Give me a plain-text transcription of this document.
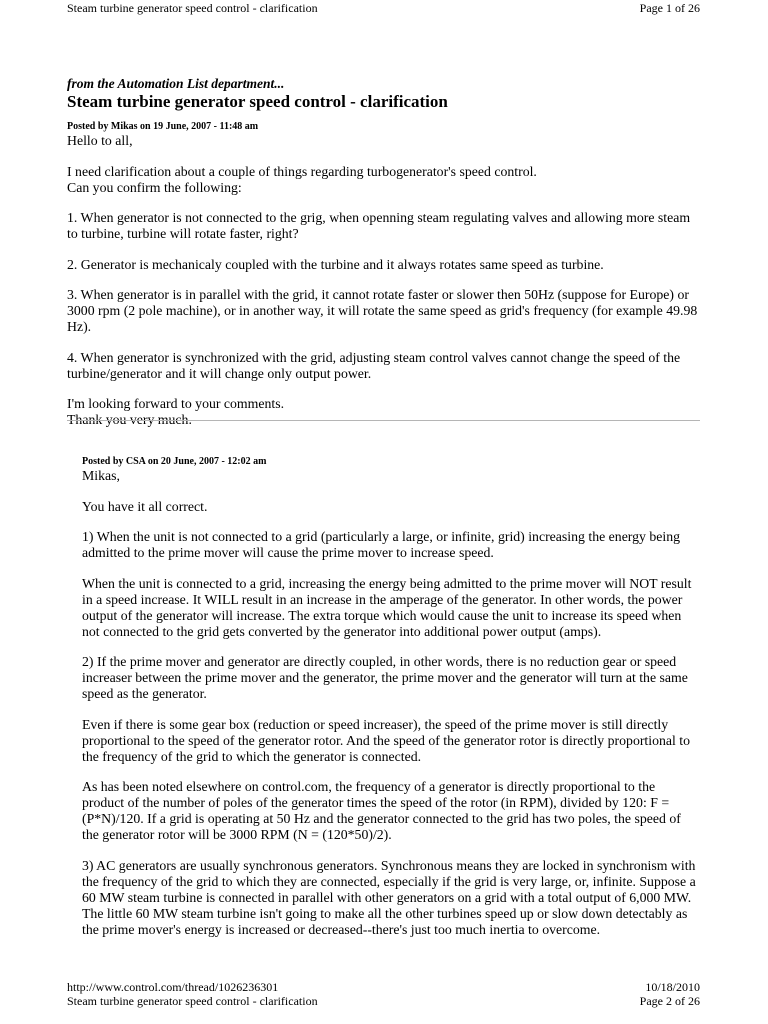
Steam turbine generator speed control - clarification	Page 1 of 26
from the Automation List department...
Steam turbine generator speed control - clarification
Posted by Mikas on 19 June, 2007 - 11:48 am

Hello to all,

I need clarification about a couple of things regarding turbogenerator's speed control.
Can you confirm the following:

1. When generator is not connected to the grig, when openning steam regulating valves and allowing more steam
to turbine, turbine will rotate faster, right?

2. Generator is mechanicaly coupled with the turbine and it always rotates same speed as turbine.

3. When generator is in parallel with the grid, it cannot rotate faster or slower then 50Hz (suppose for Europe) or
3000 rpm (2 pole machine), or in another way, it will rotate the same speed as grid's frequency (for example 49.98
Hz).

4. When generator is synchronized with the grid, adjusting steam control valves cannot change the speed of the
turbine/generator and it will change only output power.

I'm looking forward to your comments.
Thank you very much.

Posted by CSA on 20 June, 2007 - 12:02 am

Mikas,

You have it all correct.

1) When the unit is not connected to a grid (particularly a large, or infinite, grid) increasing the energy being
admitted to the prime mover will cause the prime mover to increase speed.

When the unit is connected to a grid, increasing the energy being admitted to the prime mover will NOT result
in a speed increase. It WILL result in an increase in the amperage of the generator. In other words, the power
output of the generator will increase. The extra torque which would cause the unit to increase its speed when
not connected to the grid gets converted by the generator into additional power output (amps).

2) If the prime mover and generator are directly coupled, in other words, there is no reduction gear or speed
increaser between the prime mover and the generator, the prime mover and the generator will turn at the same
speed as the generator.

Even if there is some gear box (reduction or speed increaser), the speed of the prime mover is still directly
proportional to the speed of the generator rotor. And the speed of the generator rotor is directly proportional to
the frequency of the grid to which the generator is connected.

As has been noted elsewhere on control.com, the frequency of a generator is directly proportional to the
product of the number of poles of the generator times the speed of the rotor (in RPM), divided by 120: F =
(P*N)/120. If a grid is operating at 50 Hz and the generator connected to the grid has two poles, the speed of
the generator rotor will be 3000 RPM (N = (120*50)/2).

3) AC generators are usually synchronous generators. Synchronous means they are locked in synchronism with
the frequency of the grid to which they are connected, especially if the grid is very large, or, infinite. Suppose a
60 MW steam turbine is connected in parallel with other generators on a grid with a total output of 6,000 MW.
The little 60 MW steam turbine isn't going to make all the other turbines speed up or slow down detectably as
the prime mover's energy is increased or decreased--there's just too much inertia to overcome.

http://www.control.com/thread/1026236301	10/18/2010
Steam turbine generator speed control - clarification	Page 2 of 26
